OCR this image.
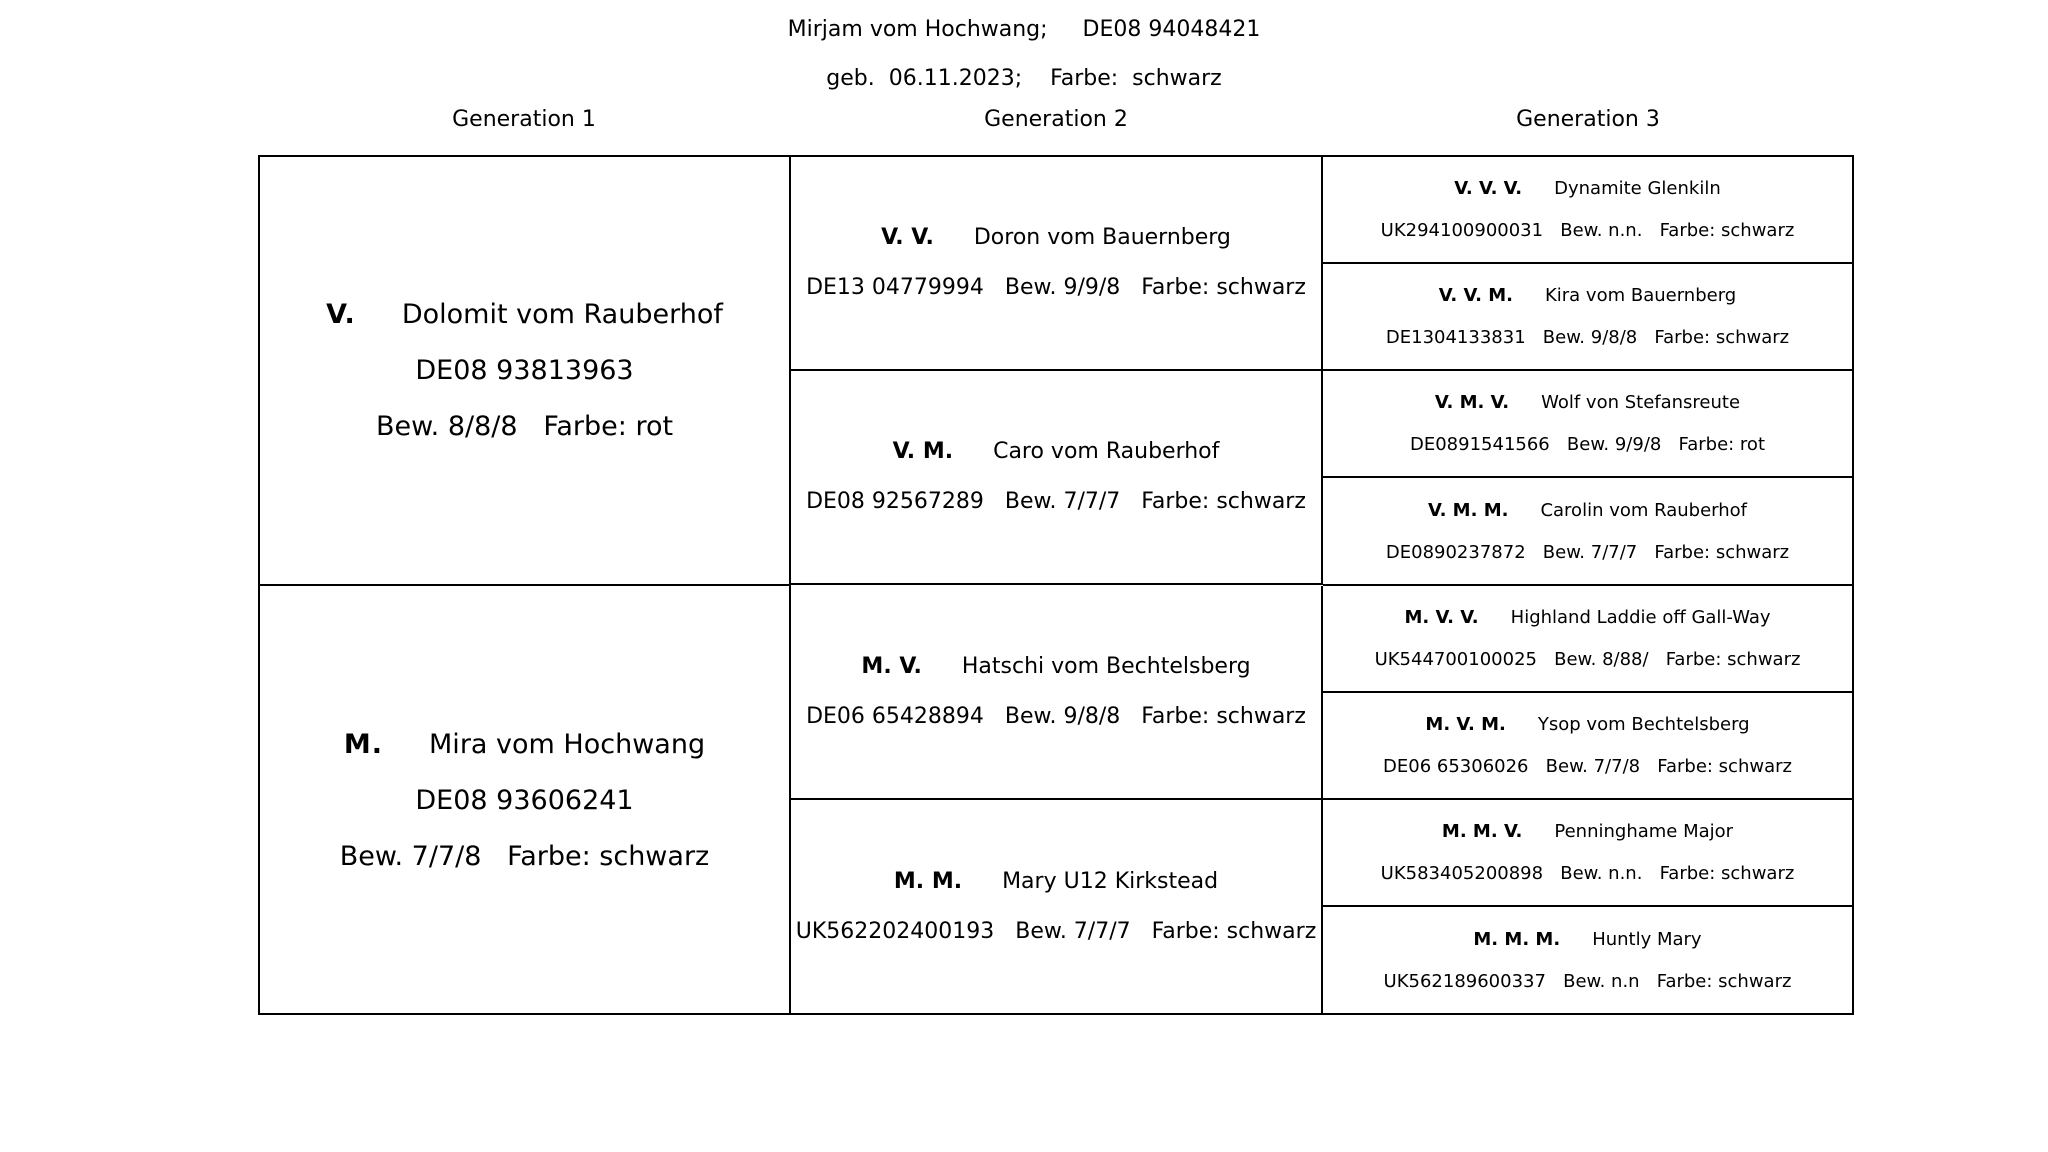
Mirjam vom Hochwang;     DE08 94048421
geb.  06.11.2023;    Farbe:  schwarz
Generation 1	Generation 2	Generation 3
V. Dolomit vom Rauberhof
DE08 93813963
Bew. 8/8/8   Farbe: rot
M. Mira vom Hochwang
DE08 93606241
Bew. 7/7/8   Farbe: schwarz
V. V. Doron vom Bauernberg
DE13 04779994   Bew. 9/9/8   Farbe: schwarz
V. M. Caro vom Rauberhof
DE08 92567289   Bew. 7/7/7   Farbe: schwarz
M. V. Hatschi vom Bechtelsberg
DE06 65428894   Bew. 9/8/8   Farbe: schwarz
M. M. Mary U12 Kirkstead
UK562202400193   Bew. 7/7/7   Farbe: schwarz
V. V. V. Dynamite Glenkiln
UK294100900031   Bew. n.n.   Farbe: schwarz
V. V. M. Kira vom Bauernberg
DE1304133831   Bew. 9/8/8   Farbe: schwarz
V. M. V. Wolf von Stefansreute
DE0891541566   Bew. 9/9/8   Farbe: rot
V. M. M. Carolin vom Rauberhof
DE0890237872   Bew. 7/7/7   Farbe: schwarz
M. V. V. Highland Laddie off Gall-Way
UK544700100025   Bew. 8/88/   Farbe: schwarz
M. V. M. Ysop vom Bechtelsberg
DE06 65306026   Bew. 7/7/8   Farbe: schwarz
M. M. V. Penninghame Major
UK583405200898   Bew. n.n.   Farbe: schwarz
M. M. M. Huntly Mary
UK562189600337   Bew. n.n   Farbe: schwarz
